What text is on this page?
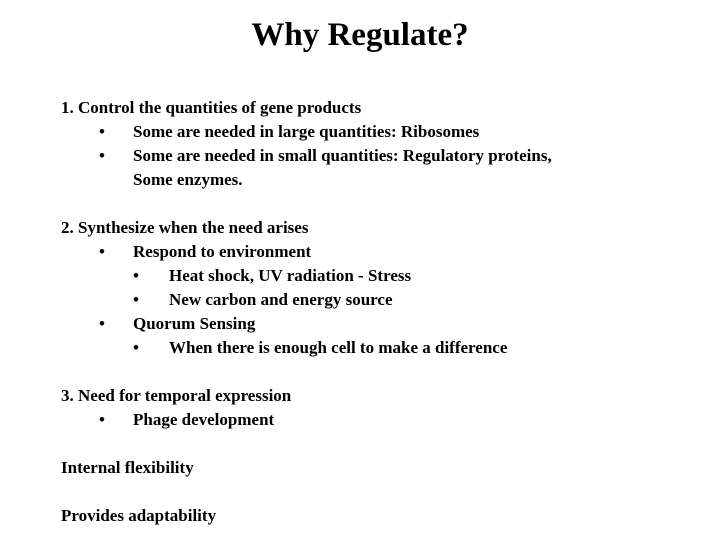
Why Regulate?
1. Control the quantities of gene products
• Some are needed in large quantities: Ribosomes
• Some are needed in small quantities: Regulatory proteins,
Some enzymes.
2. Synthesize when the need arises
• Respond to environment
• Heat shock, UV radiation - Stress
• New carbon and energy source
• Quorum Sensing
• When there is enough cell to make a difference
3. Need for temporal expression
• Phage development
Internal flexibility
Provides adaptability
